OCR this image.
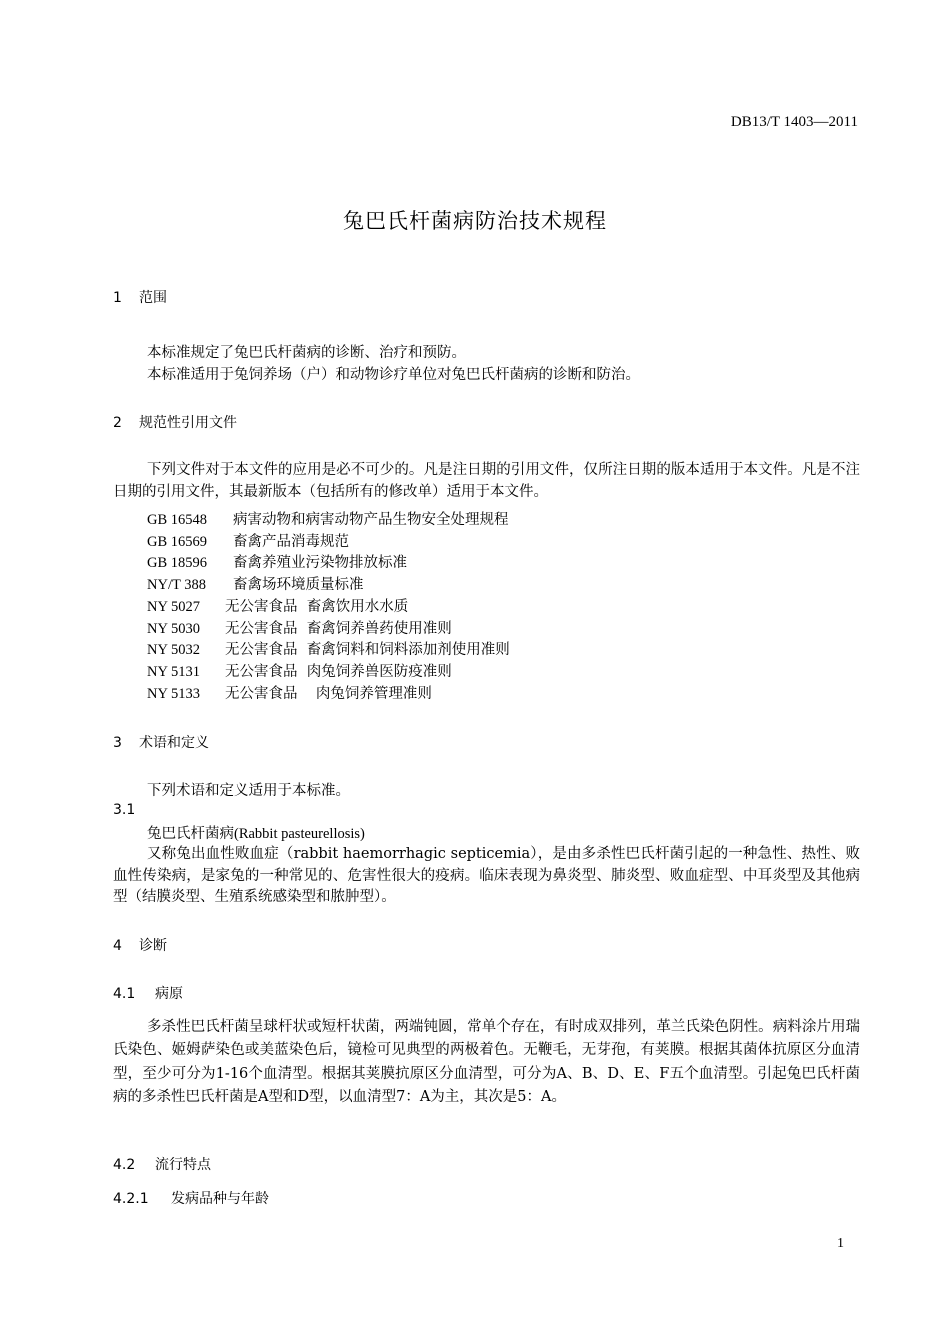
DB13/T 1403—2011
兔巴氏杆菌病防治技术规程
1 范围
本标准规定了兔巴氏杆菌病的诊断、治疗和预防。
本标准适用于兔饲养场（户）和动物诊疗单位对兔巴氏杆菌病的诊断和防治。
2 规范性引用文件
下列文件对于本文件的应用是必不可少的。凡是注日期的引用文件，仅所注日期的版本适用于本文件。凡是不注日期的引用文件，其最新版本（包括所有的修改单）适用于本文件。
GB 16548 病害动物和病害动物产品生物安全处理规程
GB 16569 畜禽产品消毒规范
GB 18596 畜禽养殖业污染物排放标准
NY/T 388 畜禽场环境质量标准
NY 5027 无公害食品  畜禽饮用水水质
NY 5030 无公害食品  畜禽饲养兽药使用准则
NY 5032 无公害食品  畜禽饲料和饲料添加剂使用准则
NY 5131 无公害食品  肉兔饲养兽医防疫准则
NY 5133 无公害食品    肉兔饲养管理准则
3 术语和定义
下列术语和定义适用于本标准。
3.1
兔巴氏杆菌病(Rabbit pasteurellosis)
又称兔出血性败血症（rabbit haemorrhagic septicemia），是由多杀性巴氏杆菌引起的一种急性、热性、败血性传染病，是家兔的一种常见的、危害性很大的疫病。临床表现为鼻炎型、肺炎型、败血症型、中耳炎型及其他病型（结膜炎型、生殖系统感染型和脓肿型）。
4 诊断
4.1 病原
多杀性巴氏杆菌呈球杆状或短杆状菌，两端钝圆，常单个存在，有时成双排列，革兰氏染色阴性。病料涂片用瑞氏染色、姬姆萨染色或美蓝染色后，镜检可见典型的两极着色。无鞭毛，无芽孢，有荚膜。根据其菌体抗原区分血清型，至少可分为1-16个血清型。根据其荚膜抗原区分血清型，可分为A、B、D、E、F五个血清型。引起兔巴氏杆菌病的多杀性巴氏杆菌是A型和D型，以血清型7：A为主，其次是5：A。
4.2 流行特点
4.2.1 发病品种与年龄
1
